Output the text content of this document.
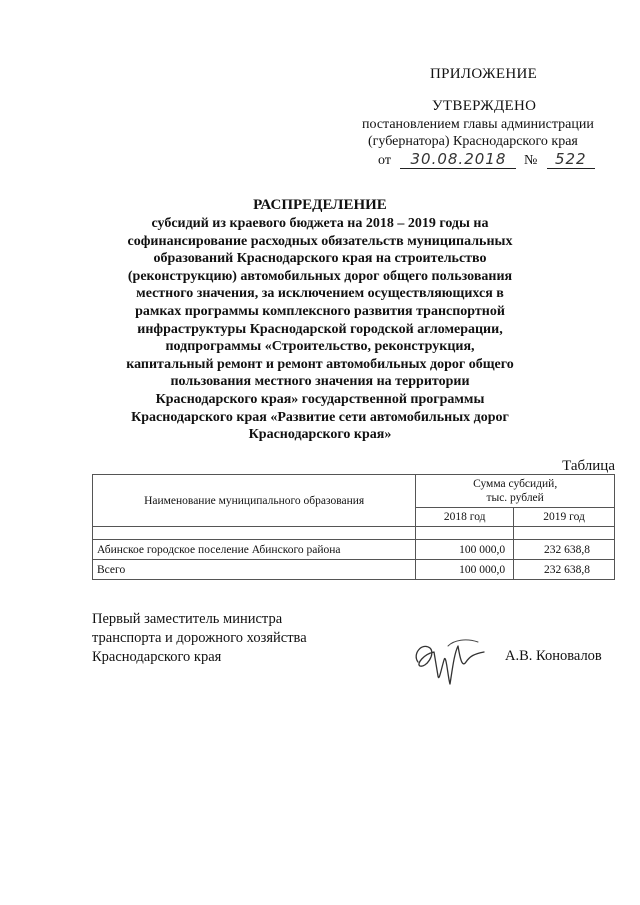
ПРИЛОЖЕНИЕ
УТВЕРЖДЕНО
постановлением главы администрации
(губернатора) Краснодарского края
от 30.08.2018 № 522
РАСПРЕДЕЛЕНИЕ
субсидий из краевого бюджета на 2018 – 2019 годы на
софинансирование расходных обязательств муниципальных
образований Краснодарского края на строительство
(реконструкцию) автомобильных дорог общего пользования
местного значения, за исключением осуществляющихся в
рамках программы комплексного развития транспортной
инфраструктуры Краснодарской городской агломерации,
подпрограммы «Строительство, реконструкция,
капитальный ремонт и ремонт автомобильных дорог общего
пользования местного значения на территории
Краснодарского края» государственной программы
Краснодарского края «Развитие сети автомобильных дорог
Краснодарского края»
Таблица
Наименование муниципального образования	Сумма субсидий,
тыс. рублей	

	2018 год	2019 год

Абинское городское поселение Абинского района	100 000,0	232 638,8
Всего	100 000,0	232 638,8
Первый заместитель министра
транспорта и дорожного хозяйства
Краснодарского края	А.В. Коновалов
